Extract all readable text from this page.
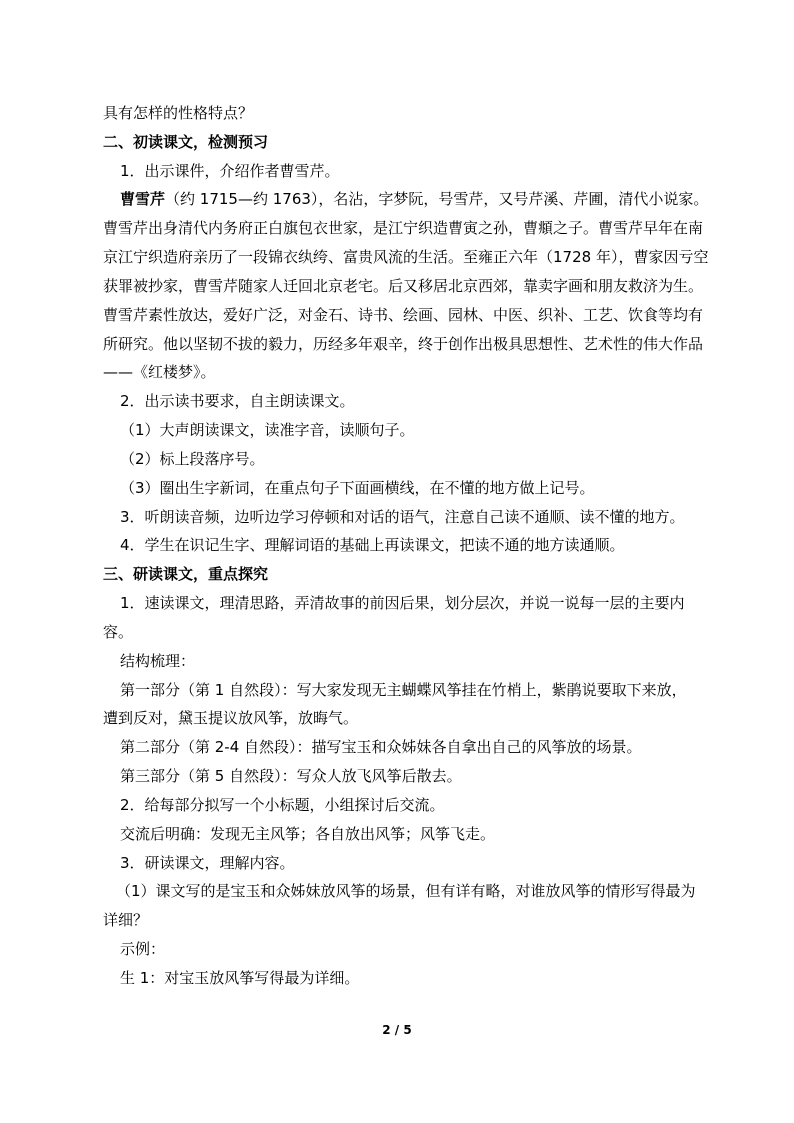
具有怎样的性格特点？
二、初读课文，检测预习
1．出示课件，介绍作者曹雪芹。
曹雪芹（约 1715—约 1763），名沾，字梦阮，号雪芹，又号芹溪、芹圃，清代小说家。
曹雪芹出身清代内务府正白旗包衣世家，是江宁织造曹寅之孙，曹頫之子。曹雪芹早年在南
京江宁织造府亲历了一段锦衣纨绔、富贵风流的生活。至雍正六年（1728 年），曹家因亏空
获罪被抄家，曹雪芹随家人迁回北京老宅。后又移居北京西郊，靠卖字画和朋友救济为生。
曹雪芹素性放达，爱好广泛，对金石、诗书、绘画、园林、中医、织补、工艺、饮食等均有
所研究。他以坚韧不拔的毅力，历经多年艰辛，终于创作出极具思想性、艺术性的伟大作品
——《红楼梦》。
2．出示读书要求，自主朗读课文。
（1）大声朗读课文，读准字音，读顺句子。
（2）标上段落序号。
（3）圈出生字新词，在重点句子下面画横线，在不懂的地方做上记号。
3．听朗读音频，边听边学习停顿和对话的语气，注意自己读不通顺、读不懂的地方。
4．学生在识记生字、理解词语的基础上再读课文，把读不通的地方读通顺。
三、研读课文，重点探究
1．速读课文，理清思路，弄清故事的前因后果，划分层次，并说一说每一层的主要内
容。
结构梳理：
第一部分（第 1 自然段）：写大家发现无主蝴蝶风筝挂在竹梢上，紫鹃说要取下来放，
遭到反对，黛玉提议放风筝，放晦气。
第二部分（第 2-4 自然段）：描写宝玉和众姊妹各自拿出自己的风筝放的场景。
第三部分（第 5 自然段）：写众人放飞风筝后散去。
2．给每部分拟写一个小标题，小组探讨后交流。
交流后明确：发现无主风筝；各自放出风筝；风筝飞走。
3．研读课文，理解内容。
（1）课文写的是宝玉和众姊妹放风筝的场景，但有详有略，对谁放风筝的情形写得最为
详细？
示例：
生 1：对宝玉放风筝写得最为详细。
2 / 5
